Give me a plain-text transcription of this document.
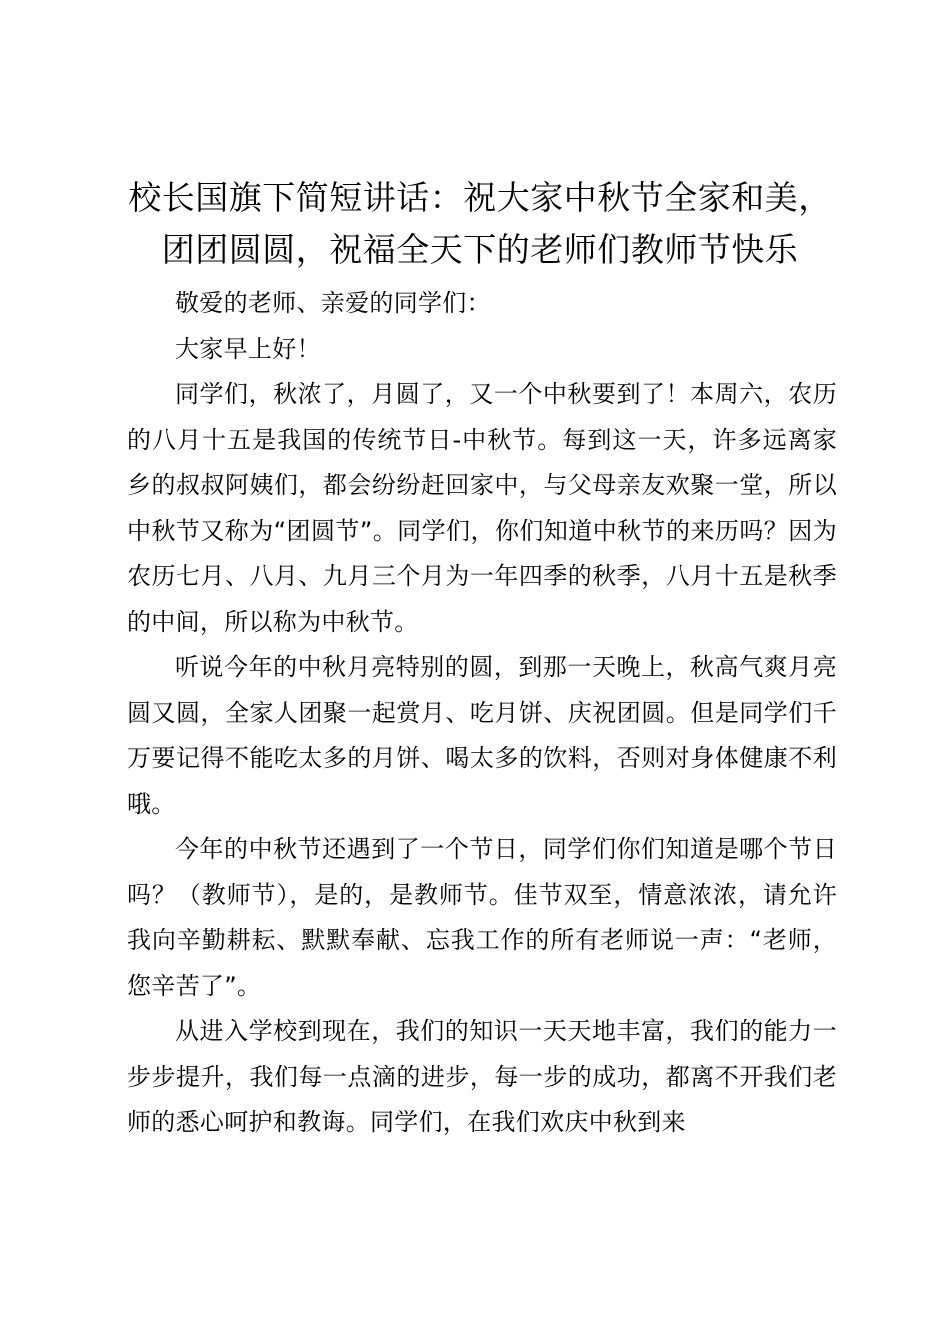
校长国旗下简短讲话：祝大家中秋节全家和美，
团团圆圆，祝福全天下的老师们教师节快乐

敬爱的老师、亲爱的同学们：

大家早上好！

同学们，秋浓了，月圆了，又一个中秋要到了！本周六，农历的八月十五是我国的传统节日-中秋节。每到这一天，许多远离家乡的叔叔阿姨们，都会纷纷赶回家中，与父母亲友欢聚一堂，所以中秋节又称为“团圆节”。同学们，你们知道中秋节的来历吗？因为农历七月、八月、九月三个月为一年四季的秋季，八月十五是秋季的中间，所以称为中秋节。

听说今年的中秋月亮特别的圆，到那一天晚上，秋高气爽月亮圆又圆，全家人团聚一起赏月、吃月饼、庆祝团圆。但是同学们千万要记得不能吃太多的月饼、喝太多的饮料，否则对身体健康不利哦。

今年的中秋节还遇到了一个节日，同学们你们知道是哪个节日吗？（教师节），是的，是教师节。佳节双至，情意浓浓，请允许我向辛勤耕耘、默默奉献、忘我工作的所有老师说一声：“老师，您辛苦了”。

从进入学校到现在，我们的知识一天天地丰富，我们的能力一步步提升，我们每一点滴的进步，每一步的成功，都离不开我们老师的悉心呵护和教诲。同学们，在我们欢庆中秋到来
